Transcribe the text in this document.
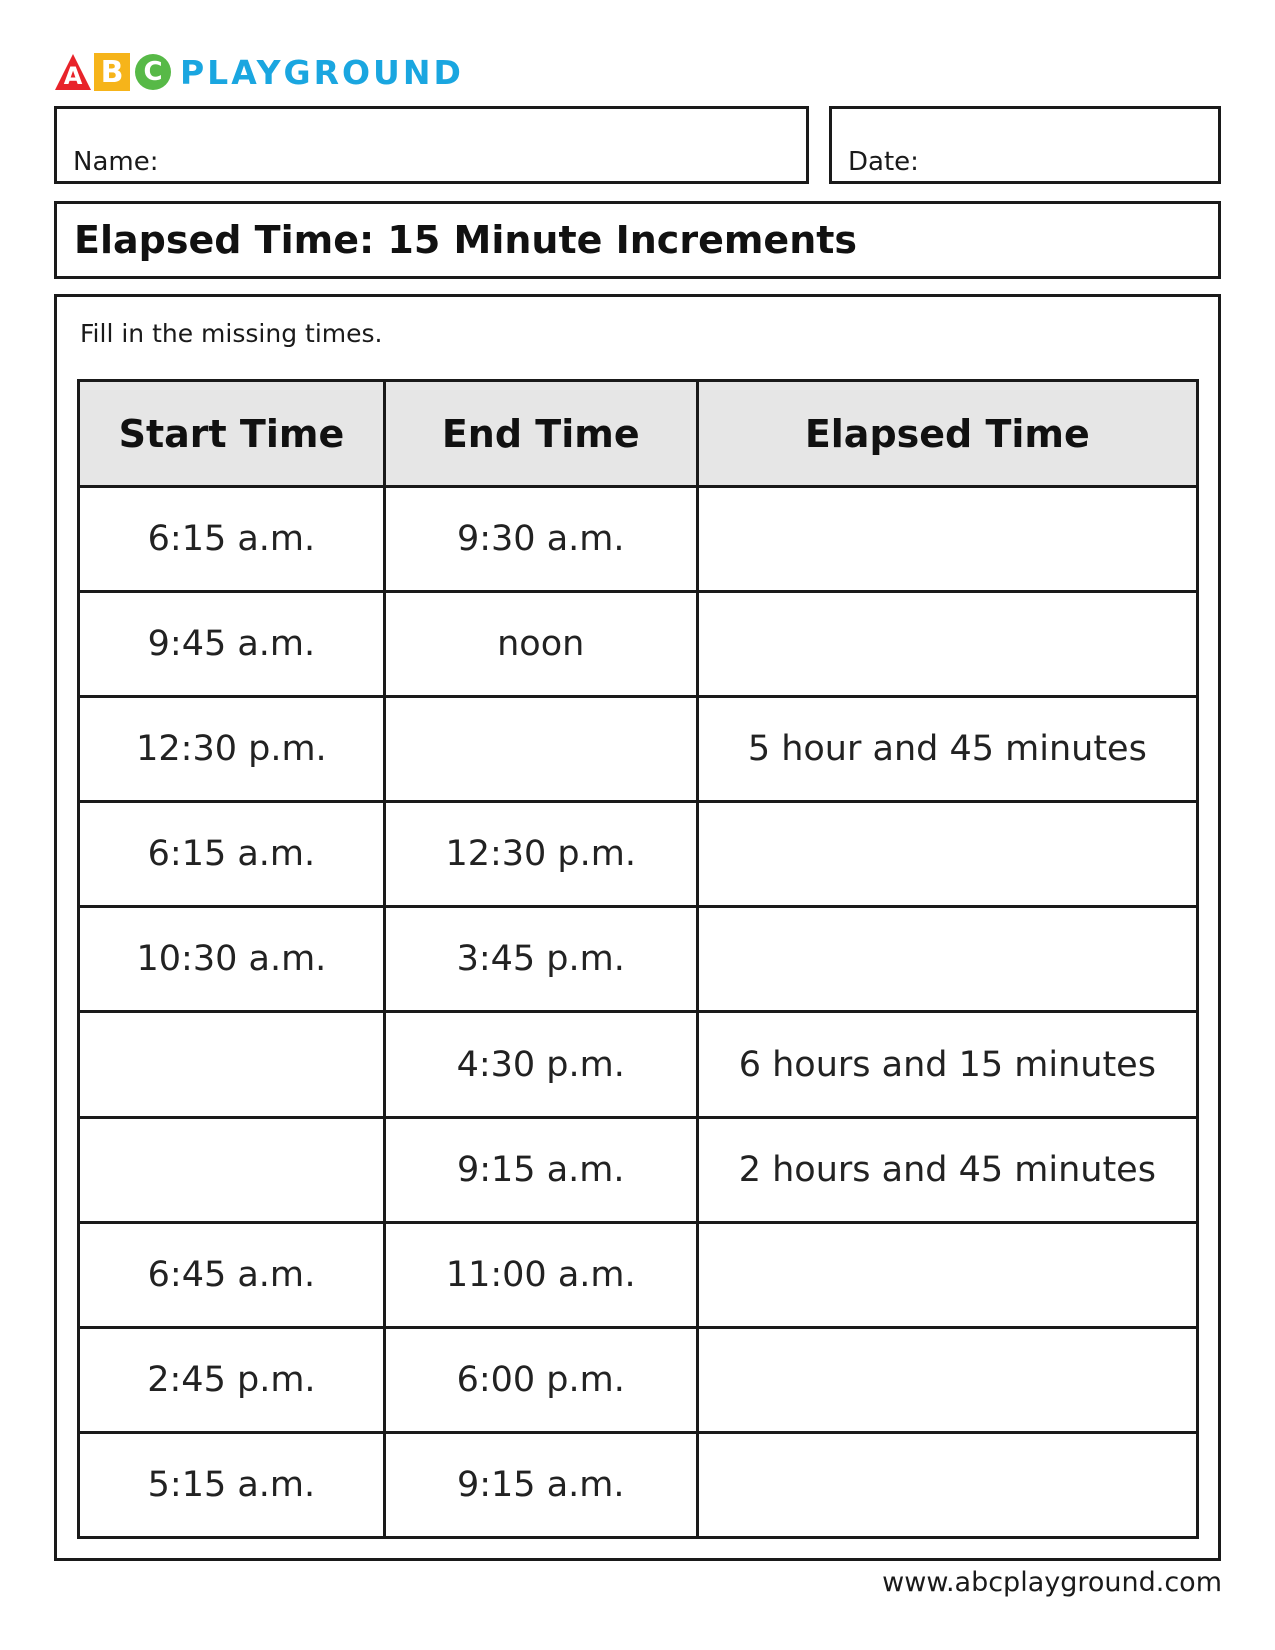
A B C PLAYGROUND
Name:	Date:
Elapsed Time: 15 Minute Increments
Fill in the missing times.
Start Time	End Time	Elapsed Time
6:15 a.m.	9:30 a.m.	
9:45 a.m.	noon	
12:30 p.m.		5 hour and 45 minutes
6:15 a.m.	12:30 p.m.	
10:30 a.m.	3:45 p.m.	
	4:30 p.m.	6 hours and 15 minutes
	9:15 a.m.	2 hours and 45 minutes
6:45 a.m.	11:00 a.m.	
2:45 p.m.	6:00 p.m.	
5:15 a.m.	9:15 a.m.	
www.abcplayground.com
